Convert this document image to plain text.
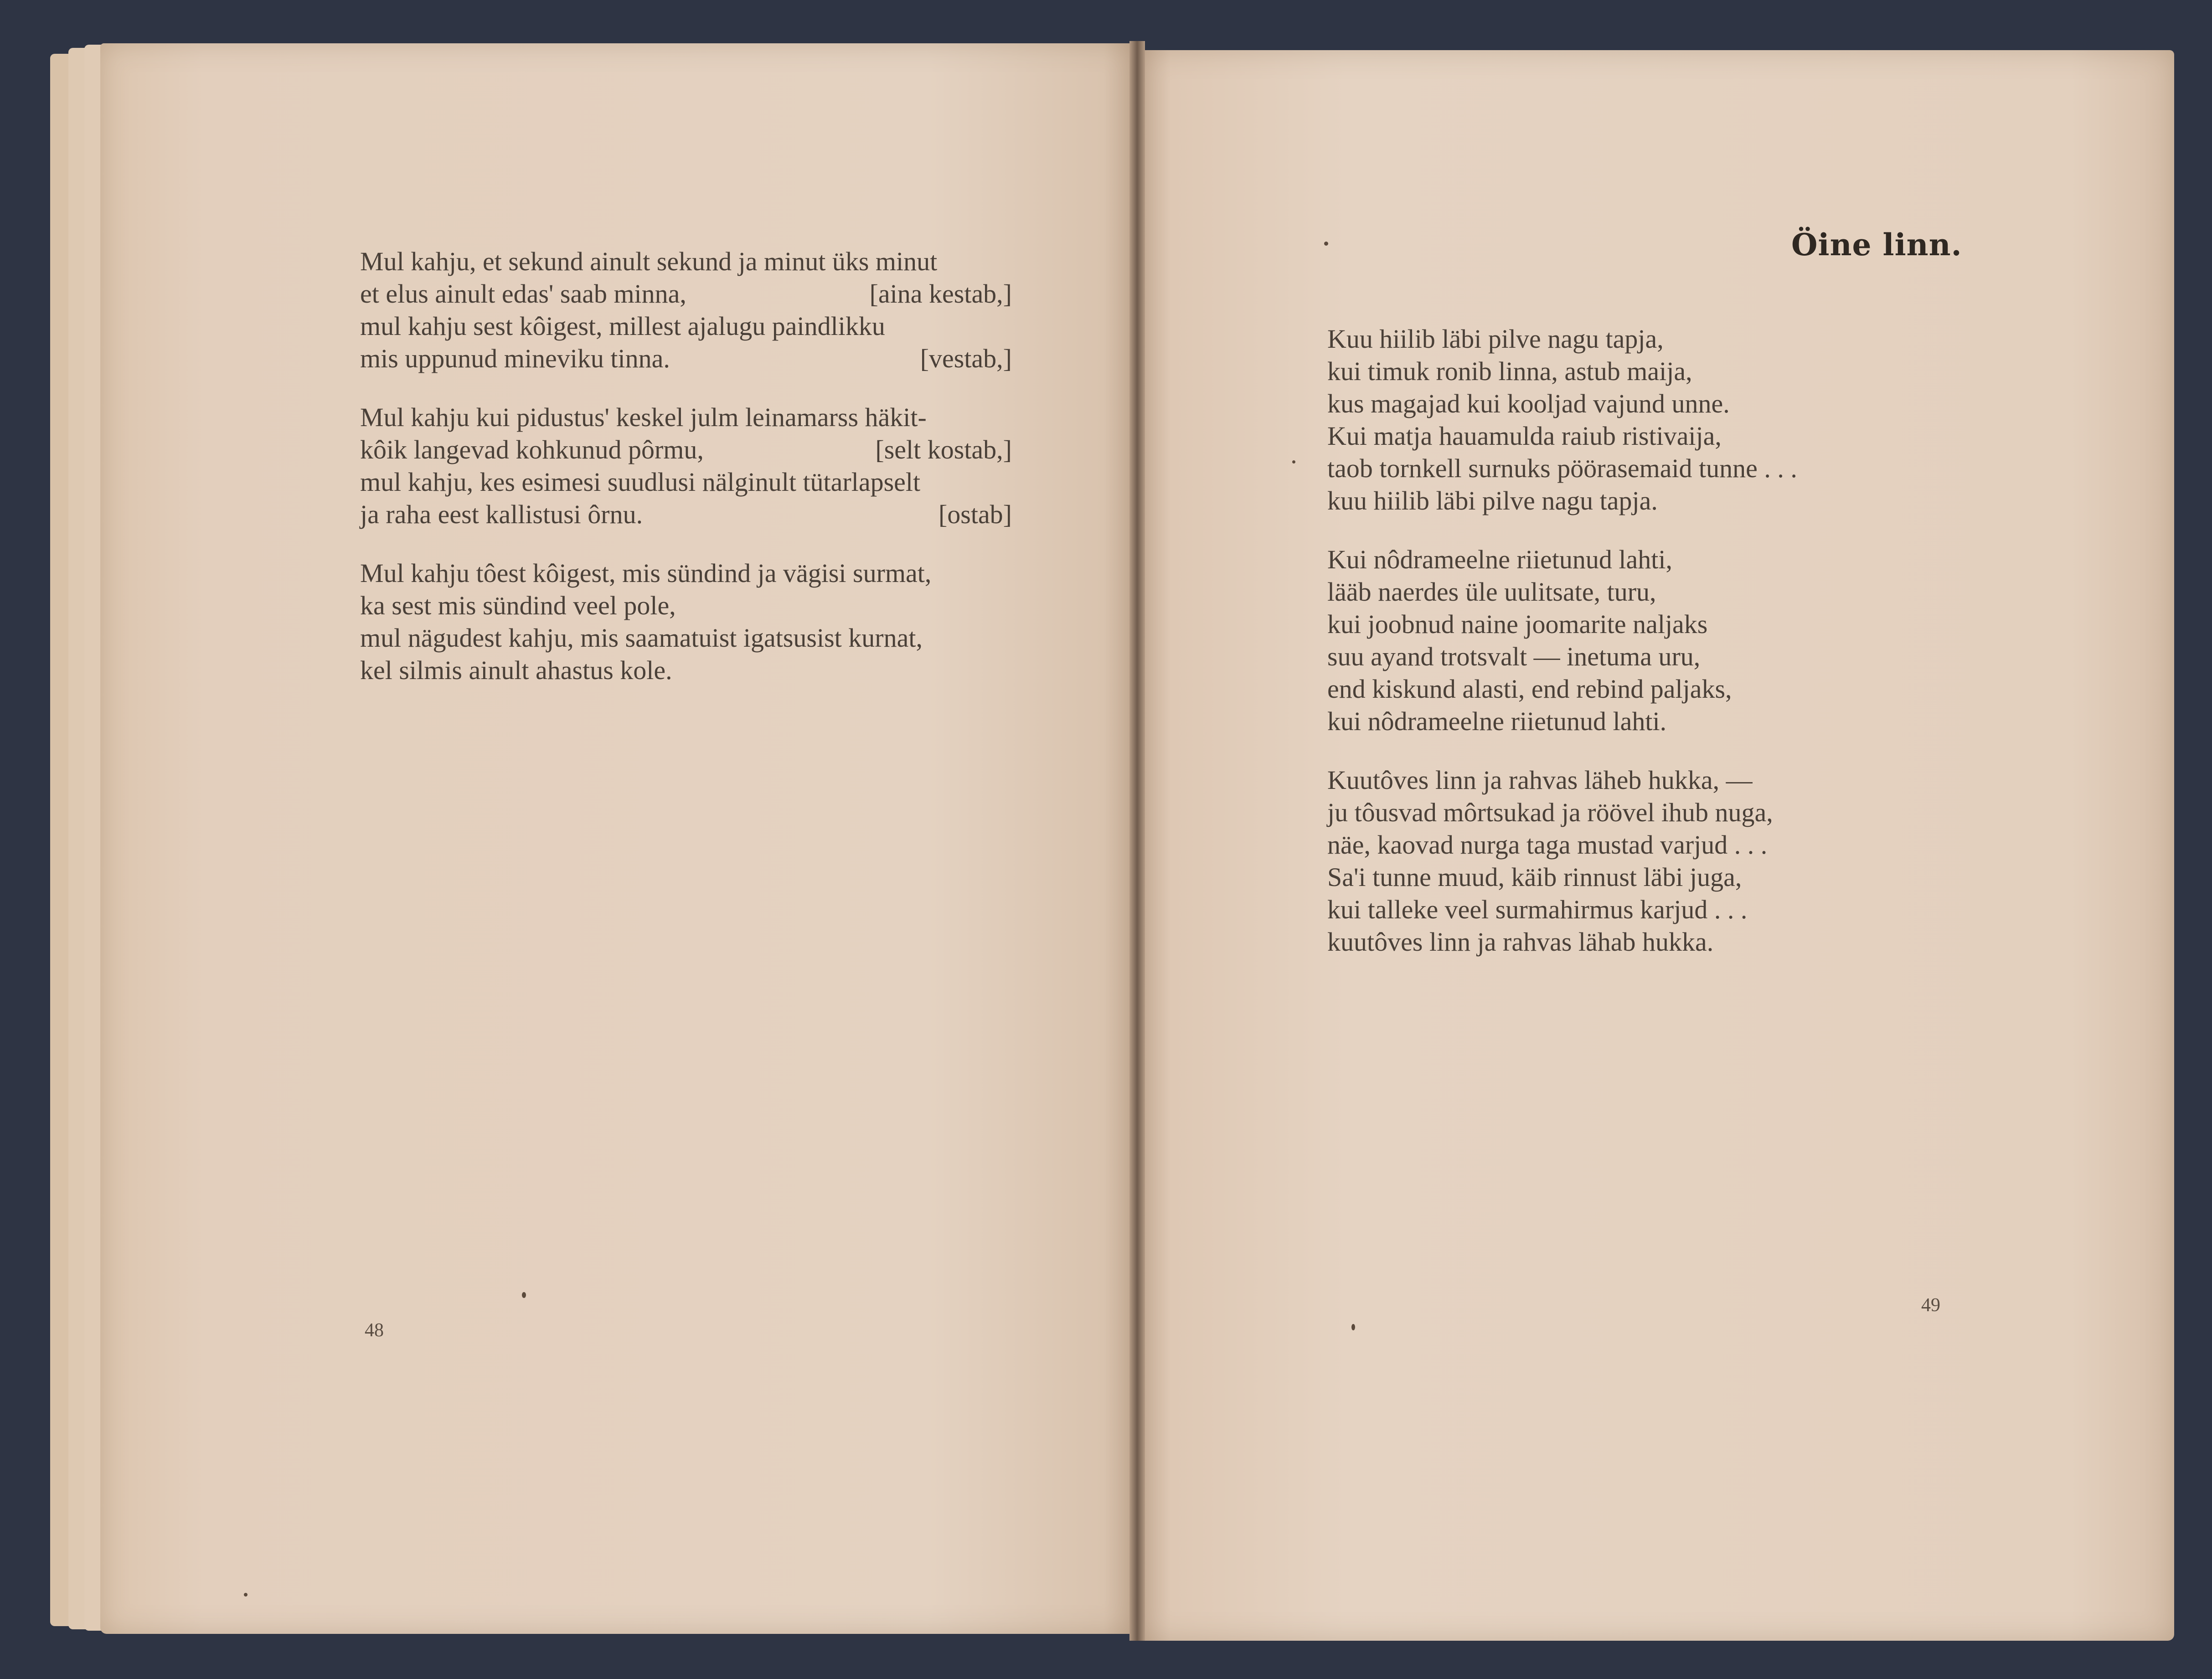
Mul kahju, et sekund ainult sekund ja minut üks minut
et elus ainult edas' saab minna,	[aina kestab,]
mul kahju sest kôigest, millest ajalugu paindlikku
mis uppunud mineviku tinna.	[vestab,]
Mul kahju kui pidustus' keskel julm leinamarss häkit-
kôik langevad kohkunud pôrmu,	[selt kostab,]
mul kahju, kes esimesi suudlusi nälginult tütarlapselt
ja raha eest kallistusi ôrnu.	[ostab]
Mul kahju tôest kôigest, mis sündind ja vägisi surmat,
ka sest mis sündind veel pole,
mul nägudest kahju, mis saamatuist igatsusist kurnat,
kel silmis ainult ahastus kole.
48
Öine linn.
Kuu hiilib läbi pilve nagu tapja,
kui timuk ronib linna, astub maija,
kus magajad kui kooljad vajund unne.
Kui matja hauamulda raiub ristivaija,
taob tornkell surnuks pöörasemaid tunne . . .
kuu hiilib läbi pilve nagu tapja.
Kui nôdrameelne riietunud lahti,
lääb naerdes üle uulitsate, turu,
kui joobnud naine joomarite naljaks
suu ayand trotsvalt — inetuma uru,
end kiskund alasti, end rebind paljaks,
kui nôdrameelne riietunud lahti.
Kuutôves linn ja rahvas läheb hukka, —
ju tôusvad môrtsukad ja röövel ihub nuga,
näe, kaovad nurga taga mustad varjud . . .
Sa'i tunne muud, käib rinnust läbi juga,
kui talleke veel surmahirmus karjud . . .
kuutôves linn ja rahvas lähab hukka.
49
